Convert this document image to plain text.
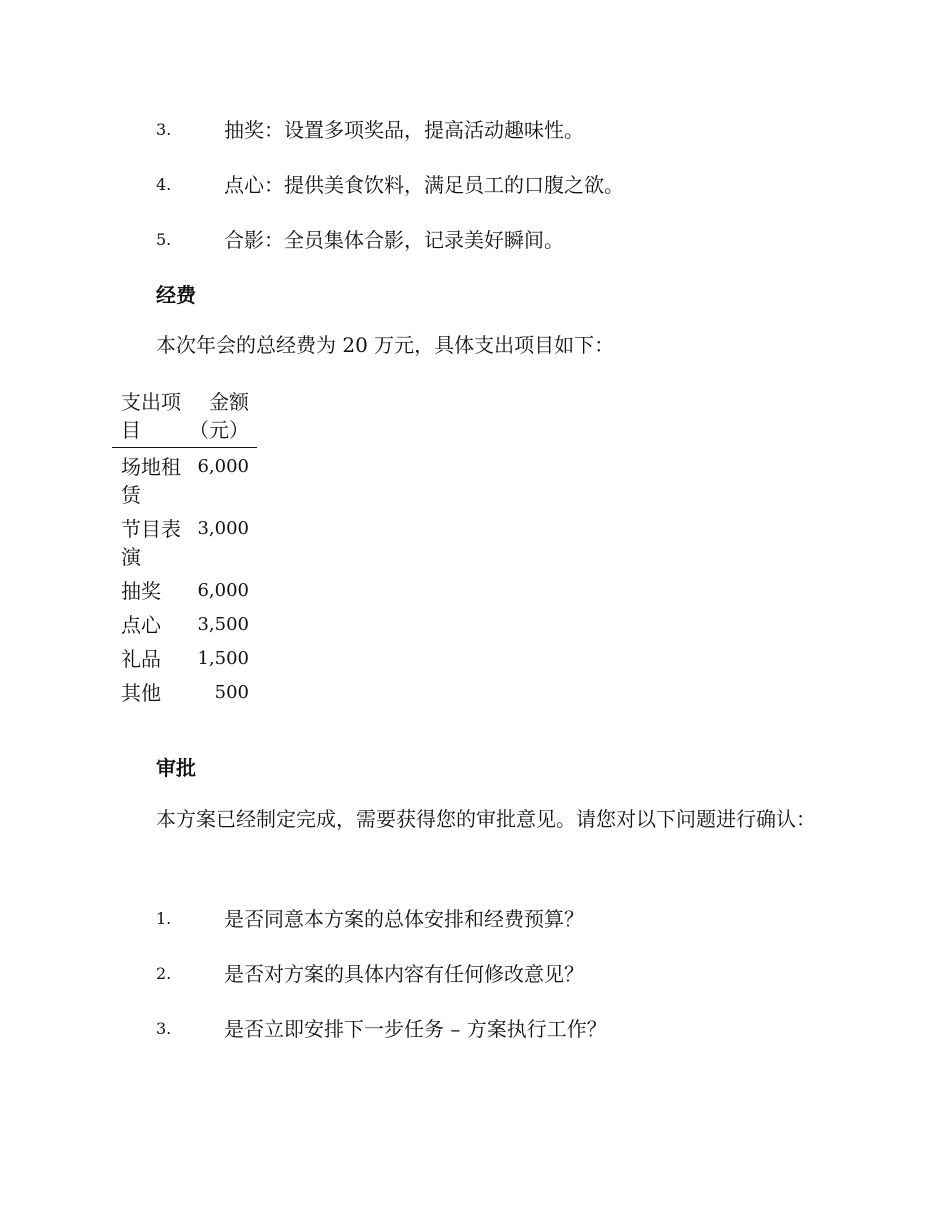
3.	抽奖：设置多项奖品，提高活动趣味性。
4.	点心：提供美食饮料，满足员工的口腹之欲。
5.	合影：全员集体合影，记录美好瞬间。
经费
本次年会的总经费为 20 万元，具体支出项目如下：
支出项目	金额（元）
场地租赁	6,000
节目表演	3,000
抽奖	6,000
点心	3,500
礼品	1,500
其他	500
审批
本方案已经制定完成，需要获得您的审批意见。请您对以下问题进行确认：
1.	是否同意本方案的总体安排和经费预算？
2.	是否对方案的具体内容有任何修改意见？
3.	是否立即安排下一步任务 – 方案执行工作？
